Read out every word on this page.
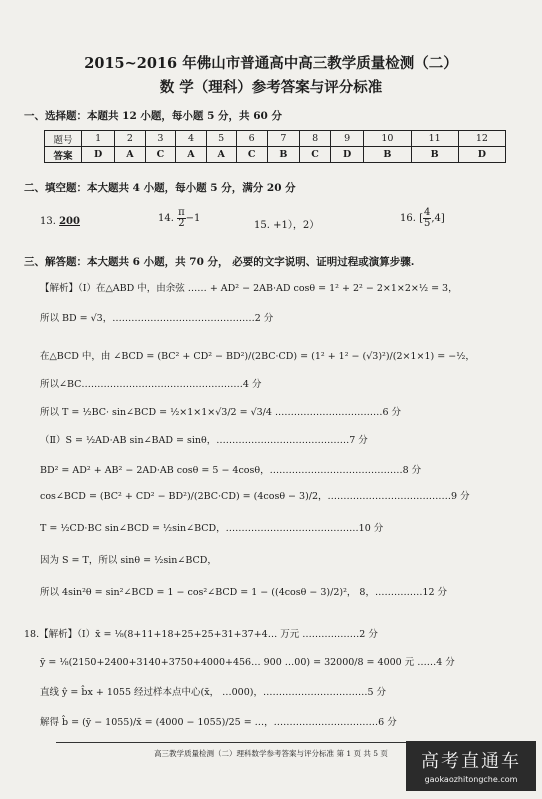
2015~2016 年佛山市普通高中高三教学质量检测（二）
数 学（理科）参考答案与评分标准
一、选择题：本题共 12 小题，每小题 5 分，共 60 分
题号	1	2	3	4	5	6	7	8	9	10	11	12
答案	D	A	C	A	A	C	B	C	D	B	B	D
二、填空题：本大题共 4 小题，每小题 5 分，满分 20 分
13. 200	14. $\frac{\pi}{2} -1$
15. +1），2）
16. [ $\frac{4}{5} ,4$]
三、解答题：本大题共 6 小题，共 70 分， 必要的文字说明、证明过程或演算步骤.
【解析】（Ⅰ）在△ABD 中，由余弦 …… + AD² − 2AB·AD cosθ = 1² + 2² − 2×1×2×½ = 3，
所以 BD = √3，………………………………………2 分
在△BCD 中，由 ∠BCD = (BC² + CD² − BD²)/(2BC·CD) = (1² + 1² − (√3)²)/(2×1×1) = −½，
所以∠BC……………………………………………4 分
所以 T = ½BC· sin∠BCD = ½×1×1×√3/2 = √3/4 .……………………………6 分
（Ⅱ）S = ½AD·AB sin∠BAD = sinθ，……………………………………7 分
BD² = AD² + AB² − 2AD·AB cosθ = 5 − 4cosθ，……………………………………8 分
cos∠BCD = (BC² + CD² − BD²)/(2BC·CD) = (4cosθ − 3)/2，…………………………………9 分
T = ½CD·BC sin∠BCD = ½sin∠BCD，……………………………………10 分
因为 S = T，所以 sinθ = ½sin∠BCD，
所以 4sin²θ = sin²∠BCD = 1 − cos²∠BCD = 1 − ((4cosθ − 3)/2)²， 8，……………12 分
18.【解析】（Ⅰ）x̄ = ⅛(8+11+18+25+25+31+37+4… 万元 ………………2 分
ȳ = ⅛(2150+2400+3140+3750+4000+456… 900 …00) = 32000/8 = 4000 元 ……4 分
直线 ŷ = b̂x + 1055 经过样本点中心(x̄， …000)，……………………………5 分
解得 b̂ = (ȳ − 1055)/x̄ = (4000 − 1055)/25 = …，……………………………6 分
高三教学质量检测（二）理科数学参考答案与评分标准 第 1 页 共 5 页	高考直通车
gaokaozhitongche.com
